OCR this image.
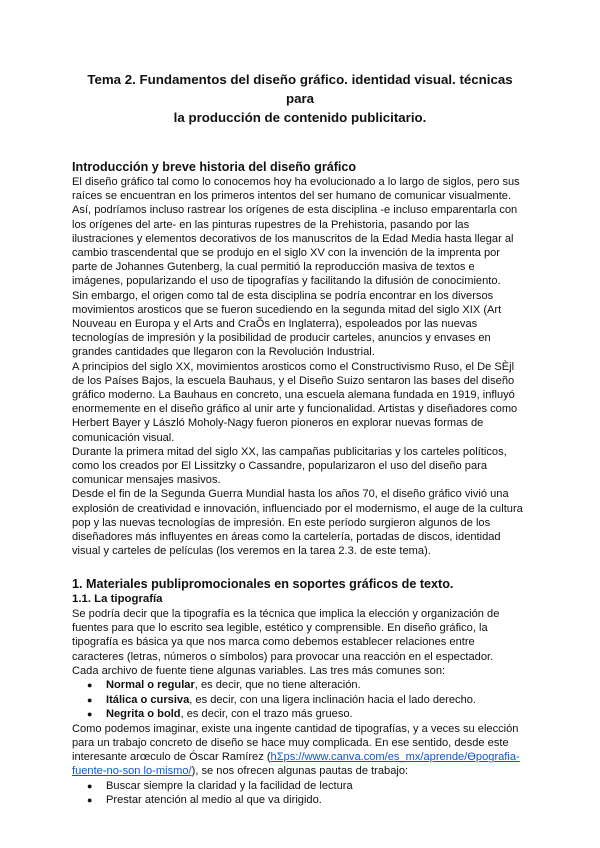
Tema 2. Fundamentos del diseño gráfico. identidad visual. técnicas para
la producción de contenido publicitario.
Introducción y breve historia del diseño gráfico

El diseño gráfico tal como lo conocemos hoy ha evolucionado a lo largo de siglos, pero sus raíces se encuentran en los primeros intentos del ser humano de comunicar visualmente. Así, podríamos incluso rastrear los orígenes de esta disciplina -e incluso emparentarla con los orígenes del arte- en las pinturas rupestres de la Prehistoria, pasando por las ilustraciones y elementos decorativos de los manuscritos de la Edad Media hasta llegar al cambio trascendental que se produjo en el siglo XV con la invención de la imprenta por parte de Johannes Gutenberg, la cual permitió la reproducción masiva de textos e imágenes, popularizando el uso de tipografías y facilitando la difusión de conocimiento.

Sin embargo, el origen como tal de esta disciplina se podría encontrar en los diversos movimientos arosticos que se fueron sucediendo en la segunda mitad del siglo XIX (Art Nouveau en Europa y el Arts and CraÕs en Inglaterra), espoleados por las nuevas tecnologías de impresión y la posibilidad de producir carteles, anuncios y envases en grandes cantidades que llegaron con la Revolución Industrial.

A principios del siglo XX, movimientos arosticos como el Constructivismo Ruso, el De SÈjl de los Países Bajos, la escuela Bauhaus, y el Diseño Suizo sentaron las bases del diseño gráfico moderno. La Bauhaus en concreto, una escuela alemana fundada en 1919, influyó enormemente en el diseño gráfico al unir arte y funcionalidad. Artistas y diseñadores como Herbert Bayer y László Moholy-Nagy fueron pioneros en explorar nuevas formas de comunicación visual.

Durante la primera mitad del siglo XX, las campañas publicitarias y los carteles políticos, como los creados por El Lissitzky o Cassandre, popularizaron el uso del diseño para comunicar mensajes masivos.

Desde el fin de la Segunda Guerra Mundial hasta los años 70, el diseño gráfico vivió una explosión de creatividad e innovación, influenciado por el modernismo, el auge de la cultura pop y las nuevas tecnologías de impresión. En este período surgieron algunos de los diseñadores más influyentes en áreas como la cartelería, portadas de discos, identidad visual y carteles de películas (los veremos en la tarea 2.3. de este tema).

1. Materiales publipromocionales en soportes gráficos de texto.
1.1. La tipografía

Se podría decir que la tipografía es la técnica que implica la elección y organización de fuentes para que lo escrito sea legible, estético y comprensible. En diseño gráfico, la tipografía es básica ya que nos marca como debemos establecer relaciones entre caracteres (letras, números o símbolos) para provocar una reacción en el espectador.

Cada archivo de fuente tiene algunas variables. Las tres más comunes son:

● Normal o regular, es decir, que no tiene alteración.
● Itálica o cursiva, es decir, con una ligera inclinación hacia el lado derecho.
● Negrita o bold, es decir, con el trazo más grueso.

Como podemos imaginar, existe una ingente cantidad de tipografías, y a veces su elección para un trabajo concreto de diseño se hace muy complicada. En ese sentido, desde este interesante arœculo de Óscar Ramírez (hΣps://www.canva.com/es_mx/aprende/Ɵpografia-fuente-no-son lo-mismo/), se nos ofrecen algunas pautas de trabajo:

● Buscar siempre la claridad y la facilidad de lectura
● Prestar atención al medio al que va dirigido.
